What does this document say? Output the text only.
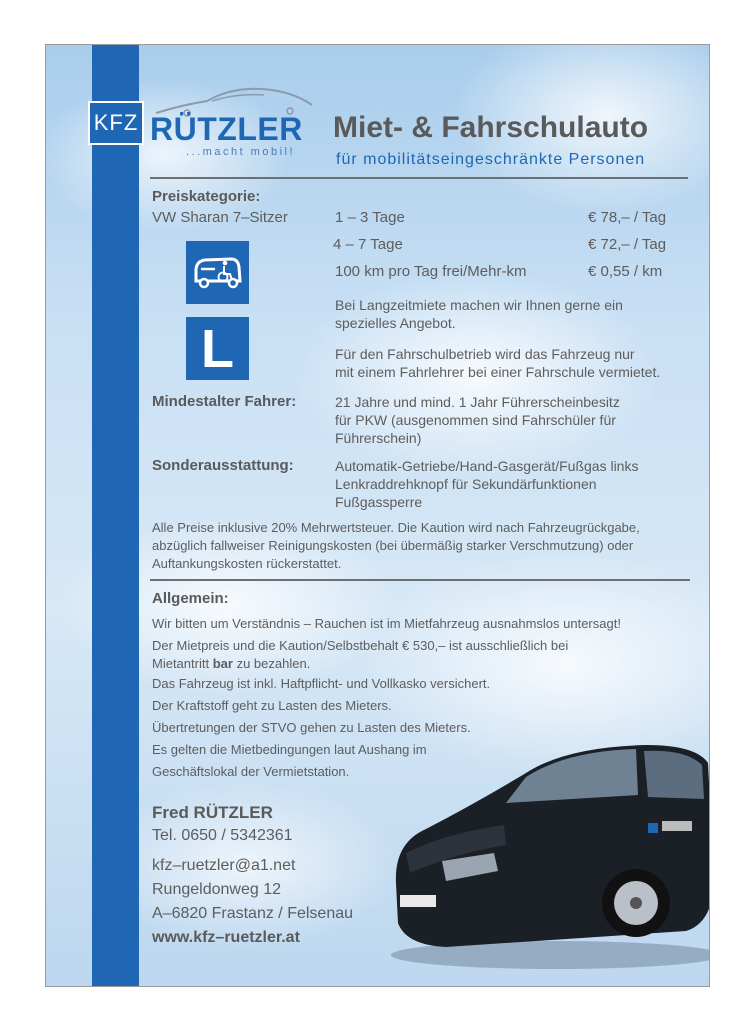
KFZ RÜTZLER
...macht mobil!
Miet- & Fahrschulauto
für mobilitätseingeschränkte Personen
Preiskategorie:
VW Sharan 7–Sitzer	1 – 3 Tage	€ 78,– / Tag
4 – 7 Tage	€ 72,– / Tag
100 km pro Tag frei/Mehr-km	€ 0,55 / km
L
Bei Langzeitmiete machen wir Ihnen gerne ein
spezielles Angebot.
Für den Fahrschulbetrieb wird das Fahrzeug nur
mit einem Fahrlehrer bei einer Fahrschule vermietet.
Mindestalter Fahrer:	21 Jahre und mind. 1 Jahr Führerscheinbesitz
für PKW (ausgenommen sind Fahrschüler für
Führerschein)
Sonderausstattung:	Automatik-Getriebe/Hand-Gasgerät/Fußgas links
Lenkraddrehknopf für Sekundärfunktionen
Fußgassperre
Alle Preise inklusive 20% Mehrwertsteuer. Die Kaution wird nach Fahrzeugrückgabe,
abzüglich fallweiser Reinigungskosten (bei übermäßig starker Verschmutzung) oder
Auftankungskosten rückerstattet.
Allgemein:
Wir bitten um Verständnis – Rauchen ist im Mietfahrzeug ausnahmslos untersagt!
Der Mietpreis und die Kaution/Selbstbehalt € 530,– ist ausschließlich bei
Mietantritt bar zu bezahlen.
Das Fahrzeug ist inkl. Haftpflicht- und Vollkasko versichert.
Der Kraftstoff geht zu Lasten des Mieters.
Übertretungen der STVO gehen zu Lasten des Mieters.
Es gelten die Mietbedingungen laut Aushang im
Geschäftslokal der Vermietstation.
Fred RÜTZLER
Tel. 0650 / 5342361
kfz–ruetzler@a1.net
Rungeldonweg 12
A–6820 Frastanz / Felsenau
www.kfz–ruetzler.at
